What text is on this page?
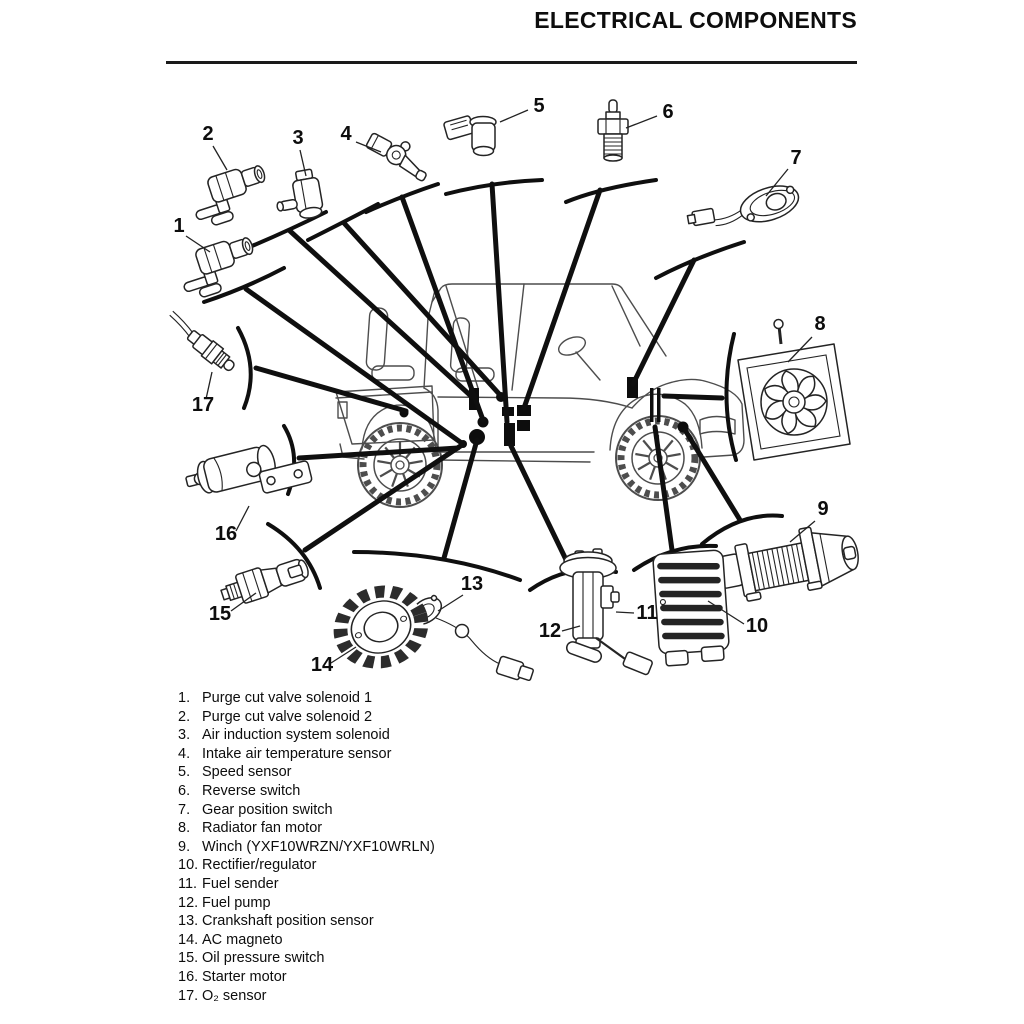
ELECTRICAL COMPONENTS
1
2	3 4
5	6
7
8
9
10
11
12
13
14
15
16
17
1. Purge cut valve solenoid 1
2. Purge cut valve solenoid 2
3. Air induction system solenoid
4. Intake air temperature sensor
5. Speed sensor
6. Reverse switch
7. Gear position switch
8. Radiator fan motor
9. Winch (YXF10WRZN/YXF10WRLN)
10. Rectifier/regulator
11. Fuel sender
12. Fuel pump
13. Crankshaft position sensor
14. AC magneto
15. Oil pressure switch
16. Starter motor
17. O₂ sensor
